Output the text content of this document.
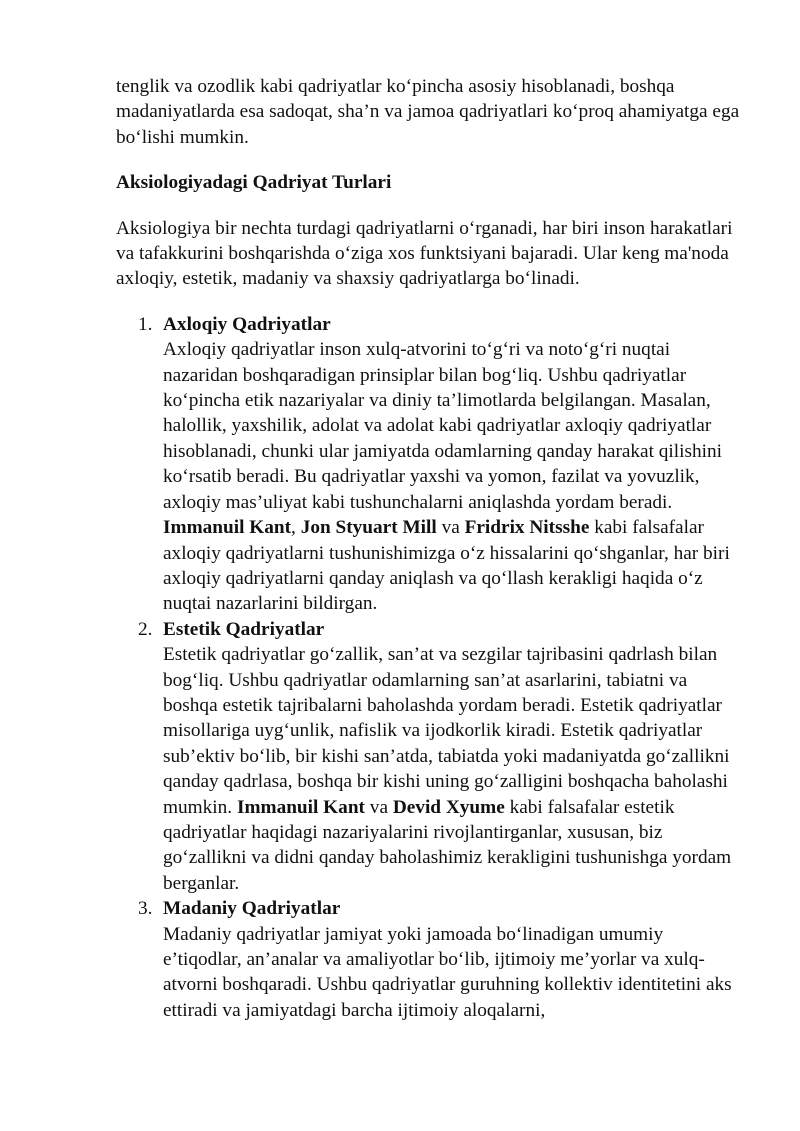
tenglik va ozodlik kabi qadriyatlar ko‘pincha asosiy hisoblanadi, boshqa madaniyatlarda esa sadoqat, sha’n va jamoa qadriyatlari ko‘proq ahamiyatga ega bo‘lishi mumkin.

Aksiologiyadagi Qadriyat Turlari

Aksiologiya bir nechta turdagi qadriyatlarni o‘rganadi, har biri inson harakatlari va tafakkurini boshqarishda o‘ziga xos funktsiyani bajaradi. Ular keng ma'noda axloqiy, estetik, madaniy va shaxsiy qadriyatlarga bo‘linadi.

1. Axloqiy Qadriyatlar
Axloqiy qadriyatlar inson xulq-atvorini to‘g‘ri va noto‘g‘ri nuqtai nazaridan boshqaradigan prinsiplar bilan bog‘liq. Ushbu qadriyatlar ko‘pincha etik nazariyalar va diniy ta’limotlarda belgilangan. Masalan, halollik, yaxshilik, adolat va adolat kabi qadriyatlar axloqiy qadriyatlar hisoblanadi, chunki ular jamiyatda odamlarning qanday harakat qilishini ko‘rsatib beradi. Bu qadriyatlar yaxshi va yomon, fazilat va yovuzlik, axloqiy mas’uliyat kabi tushunchalarni aniqlashda yordam beradi. Immanuil Kant, Jon Styuart Mill va Fridrix Nitsshe kabi falsafalar axloqiy qadriyatlarni tushunishimizga o‘z hissalarini qo‘shganlar, har biri axloqiy qadriyatlarni qanday aniqlash va qo‘llash kerakligi haqida o‘z nuqtai nazarlarini bildirgan.
2. Estetik Qadriyatlar
Estetik qadriyatlar go‘zallik, san’at va sezgilar tajribasini qadrlash bilan bog‘liq. Ushbu qadriyatlar odamlarning san’at asarlarini, tabiatni va boshqa estetik tajribalarni baholashda yordam beradi. Estetik qadriyatlar misollariga uyg‘unlik, nafislik va ijodkorlik kiradi. Estetik qadriyatlar sub’ektiv bo‘lib, bir kishi san’atda, tabiatda yoki madaniyatda go‘zallikni qanday qadrlasa, boshqa bir kishi uning go‘zalligini boshqacha baholashi mumkin. Immanuil Kant va Devid Xyume kabi falsafalar estetik qadriyatlar haqidagi nazariyalarini rivojlantirganlar, xususan, biz go‘zallikni va didni qanday baholashimiz kerakligini tushunishga yordam berganlar.
3. Madaniy Qadriyatlar
Madaniy qadriyatlar jamiyat yoki jamoada bo‘linadigan umumiy e’tiqodlar, an’analar va amaliyotlar bo‘lib, ijtimoiy me’yorlar va xulq-atvorni boshqaradi. Ushbu qadriyatlar guruhning kollektiv identitetini aks ettiradi va jamiyatdagi barcha ijtimoiy aloqalarni,
